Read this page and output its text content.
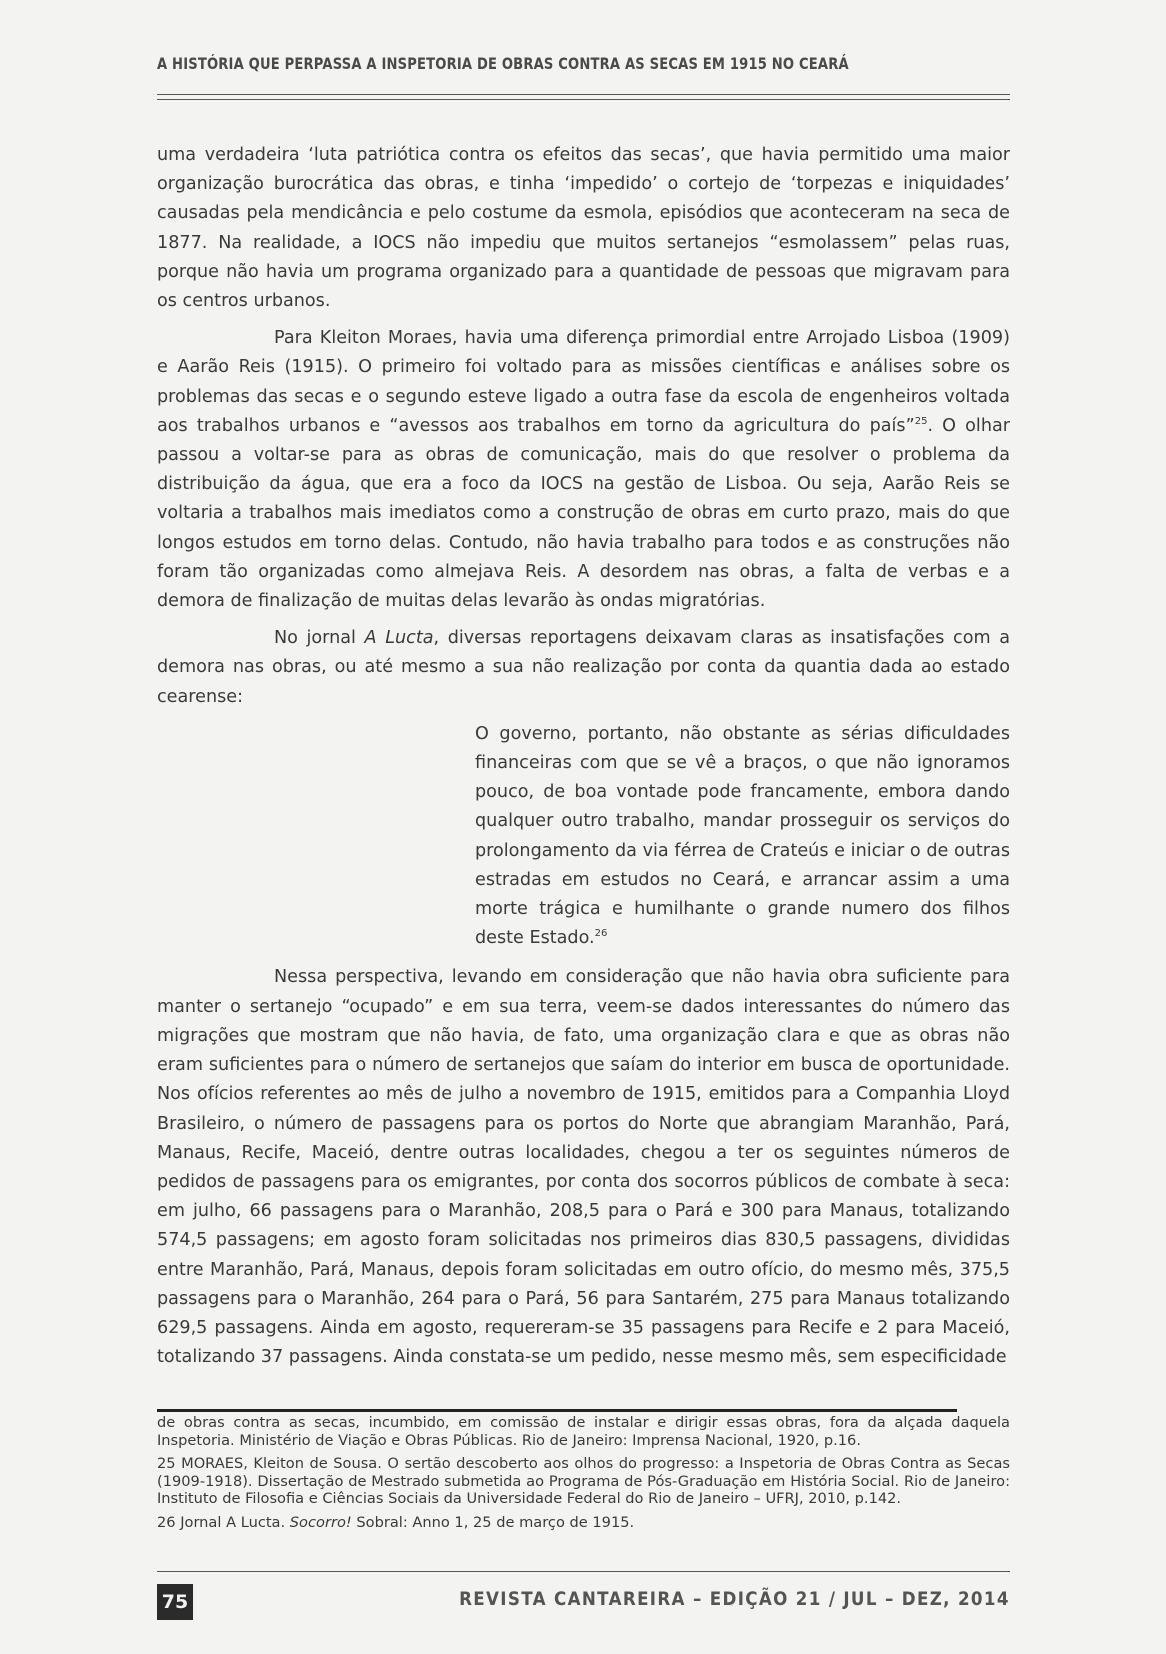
A HISTÓRIA QUE PERPASSA A INSPETORIA DE OBRAS CONTRA AS SECAS EM 1915 NO CEARÁ

uma verdadeira ‘luta patriótica contra os efeitos das secas’, que havia permitido uma maior organização burocrática das obras, e tinha ‘impedido’ o cortejo de ‘torpezas e iniquidades’ causadas pela mendicância e pelo costume da esmola, episódios que aconteceram na seca de 1877. Na realidade, a IOCS não impediu que muitos sertanejos “esmolassem” pelas ruas, porque não havia um programa organizado para a quantidade de pessoas que migravam para os centros urbanos.

Para Kleiton Moraes, havia uma diferença primordial entre Arrojado Lisboa (1909) e Aarão Reis (1915). O primeiro foi voltado para as missões científicas e análises sobre os problemas das secas e o segundo esteve ligado a outra fase da escola de engenheiros voltada aos trabalhos urbanos e “avessos aos trabalhos em torno da agricultura do país”$^{25}$. O olhar passou a voltar-se para as obras de comunicação, mais do que resolver o problema da distribuição da água, que era a foco da IOCS na gestão de Lisboa. Ou seja, Aarão Reis se voltaria a trabalhos mais imediatos como a construção de obras em curto prazo, mais do que longos estudos em torno delas. Contudo, não havia trabalho para todos e as construções não foram tão organizadas como almejava Reis. A desordem nas obras, a falta de verbas e a demora de finalização de muitas delas levarão às ondas migratórias.

No jornal A Lucta, diversas reportagens deixavam claras as insatisfações com a demora nas obras, ou até mesmo a sua não realização por conta da quantia dada ao estado cearense:

O governo, portanto, não obstante as sérias dificuldades financeiras com que se vê a braços, o que não ignoramos pouco, de boa vontade pode francamente, embora dando qualquer outro trabalho, mandar prosseguir os serviços do prolongamento da via férrea de Crateús e iniciar o de outras estradas em estudos no Ceará, e arrancar assim a uma morte trágica e humilhante o grande numero dos filhos deste Estado.$^{26}$

Nessa perspectiva, levando em consideração que não havia obra suficiente para manter o sertanejo “ocupado” e em sua terra, veem-se dados interessantes do número das migrações que mostram que não havia, de fato, uma organização clara e que as obras não eram suficientes para o número de sertanejos que saíam do interior em busca de oportunidade. Nos ofícios referentes ao mês de julho a novembro de 1915, emitidos para a Companhia Lloyd Brasileiro, o número de passagens para os portos do Norte que abrangiam Maranhão, Pará, Manaus, Recife, Maceió, dentre outras localidades, chegou a ter os seguintes números de pedidos de passagens para os emigrantes, por conta dos socorros públicos de combate à seca: em julho, 66 passagens para o Maranhão, 208,5 para o Pará e 300 para Manaus, totalizando 574,5 passagens; em agosto foram solicitadas nos primeiros dias 830,5 passagens, divididas entre Maranhão, Pará, Manaus, depois foram solicitadas em outro ofício, do mesmo mês, 375,5 passagens para o Maranhão, 264 para o Pará, 56 para Santarém, 275 para Manaus totalizando 629,5 passagens. Ainda em agosto, requereram-se 35 passagens para Recife e 2 para Maceió, totalizando 37 passagens. Ainda constata-se um pedido, nesse mesmo mês, sem especificidade

de obras contra as secas, incumbido, em comissão de instalar e dirigir essas obras, fora da alçada daquela Inspetoria. Ministério de Viação e Obras Públicas. Rio de Janeiro: Imprensa Nacional, 1920, p.16.

25 MORAES, Kleiton de Sousa. O sertão descoberto aos olhos do progresso: a Inspetoria de Obras Contra as Secas (1909-1918). Dissertação de Mestrado submetida ao Programa de Pós-Graduação em História Social. Rio de Janeiro: Instituto de Filosofia e Ciências Sociais da Universidade Federal do Rio de Janeiro – UFRJ, 2010, p.142.

26 Jornal A Lucta. Socorro! Sobral: Anno 1, 25 de março de 1915.

75	REVISTA CANTAREIRA – EDIÇÃO 21 / JUL – DEZ, 2014
